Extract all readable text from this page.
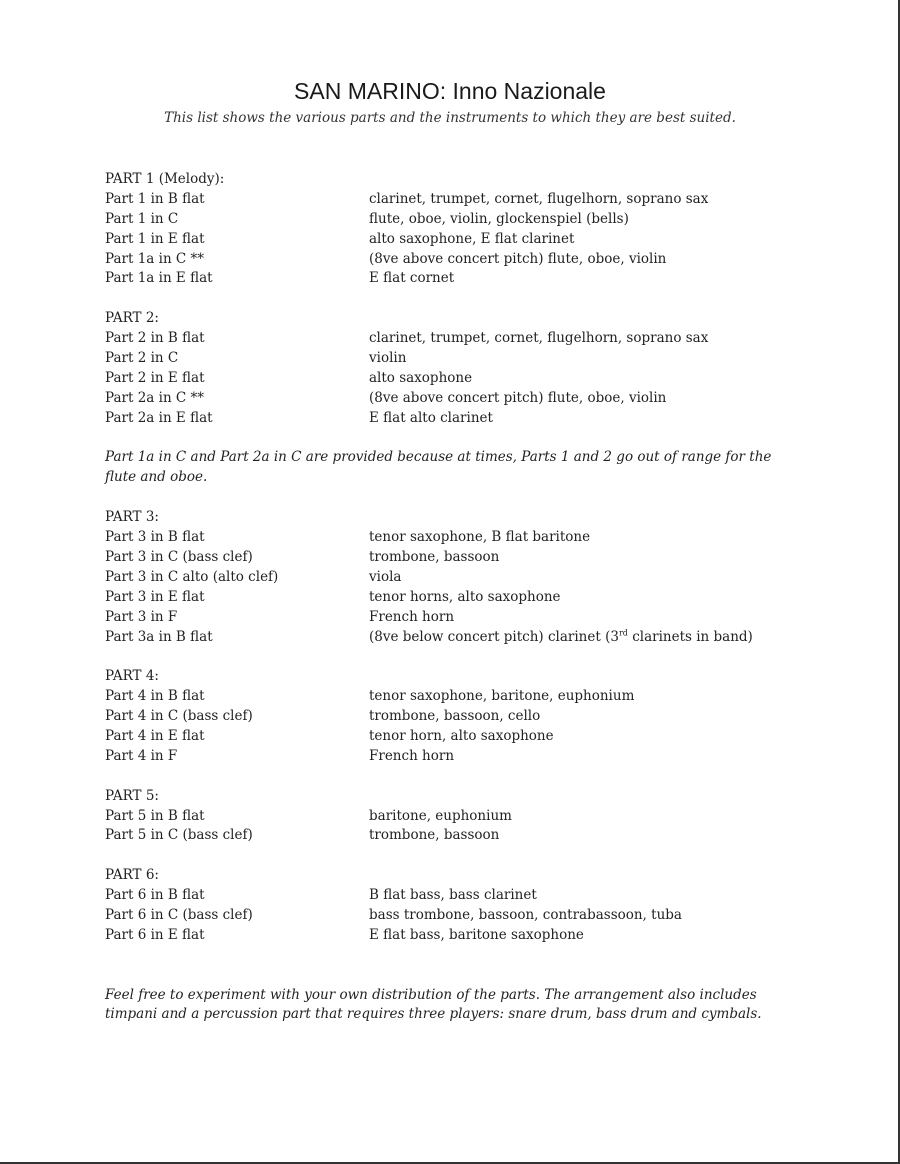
SAN MARINO: Inno Nazionale
This list shows the various parts and the instruments to which they are best suited.
PART 1 (Melody):
Part 1 in B flat	clarinet, trumpet, cornet, flugelhorn, soprano sax
Part 1 in C	flute, oboe, violin, glockenspiel (bells)
Part 1 in E flat	alto saxophone, E flat clarinet
Part 1a in C **	(8ve above concert pitch) flute, oboe, violin
Part 1a in E flat	E flat cornet
PART 2:
Part 2 in B flat	clarinet, trumpet, cornet, flugelhorn, soprano sax
Part 2 in C	violin
Part 2 in E flat	alto saxophone
Part 2a in C **	(8ve above concert pitch) flute, oboe, violin
Part 2a in E flat	E flat alto clarinet
Part 1a in C and Part 2a in C are provided because at times, Parts 1 and 2 go out of range for the flute and oboe.
PART 3:
Part 3 in B flat	tenor saxophone, B flat baritone
Part 3 in C (bass clef)	trombone, bassoon
Part 3 in C alto (alto clef)	viola
Part 3 in E flat	tenor horns, alto saxophone
Part 3 in F	French horn
Part 3a in B flat	(8ve below concert pitch) clarinet (3rd clarinets in band)
PART 4:
Part 4 in B flat	tenor saxophone, baritone, euphonium
Part 4 in C (bass clef)	trombone, bassoon, cello
Part 4 in E flat	tenor horn, alto saxophone
Part 4 in F	French horn
PART 5:
Part 5 in B flat	baritone, euphonium
Part 5 in C (bass clef)	trombone, bassoon
PART 6:
Part 6 in B flat	B flat bass, bass clarinet
Part 6 in C (bass clef)	bass trombone, bassoon, contrabassoon, tuba
Part 6 in E flat	E flat bass, baritone saxophone
Feel free to experiment with your own distribution of the parts. The arrangement also includes timpani and a percussion part that requires three players: snare drum, bass drum and cymbals.
